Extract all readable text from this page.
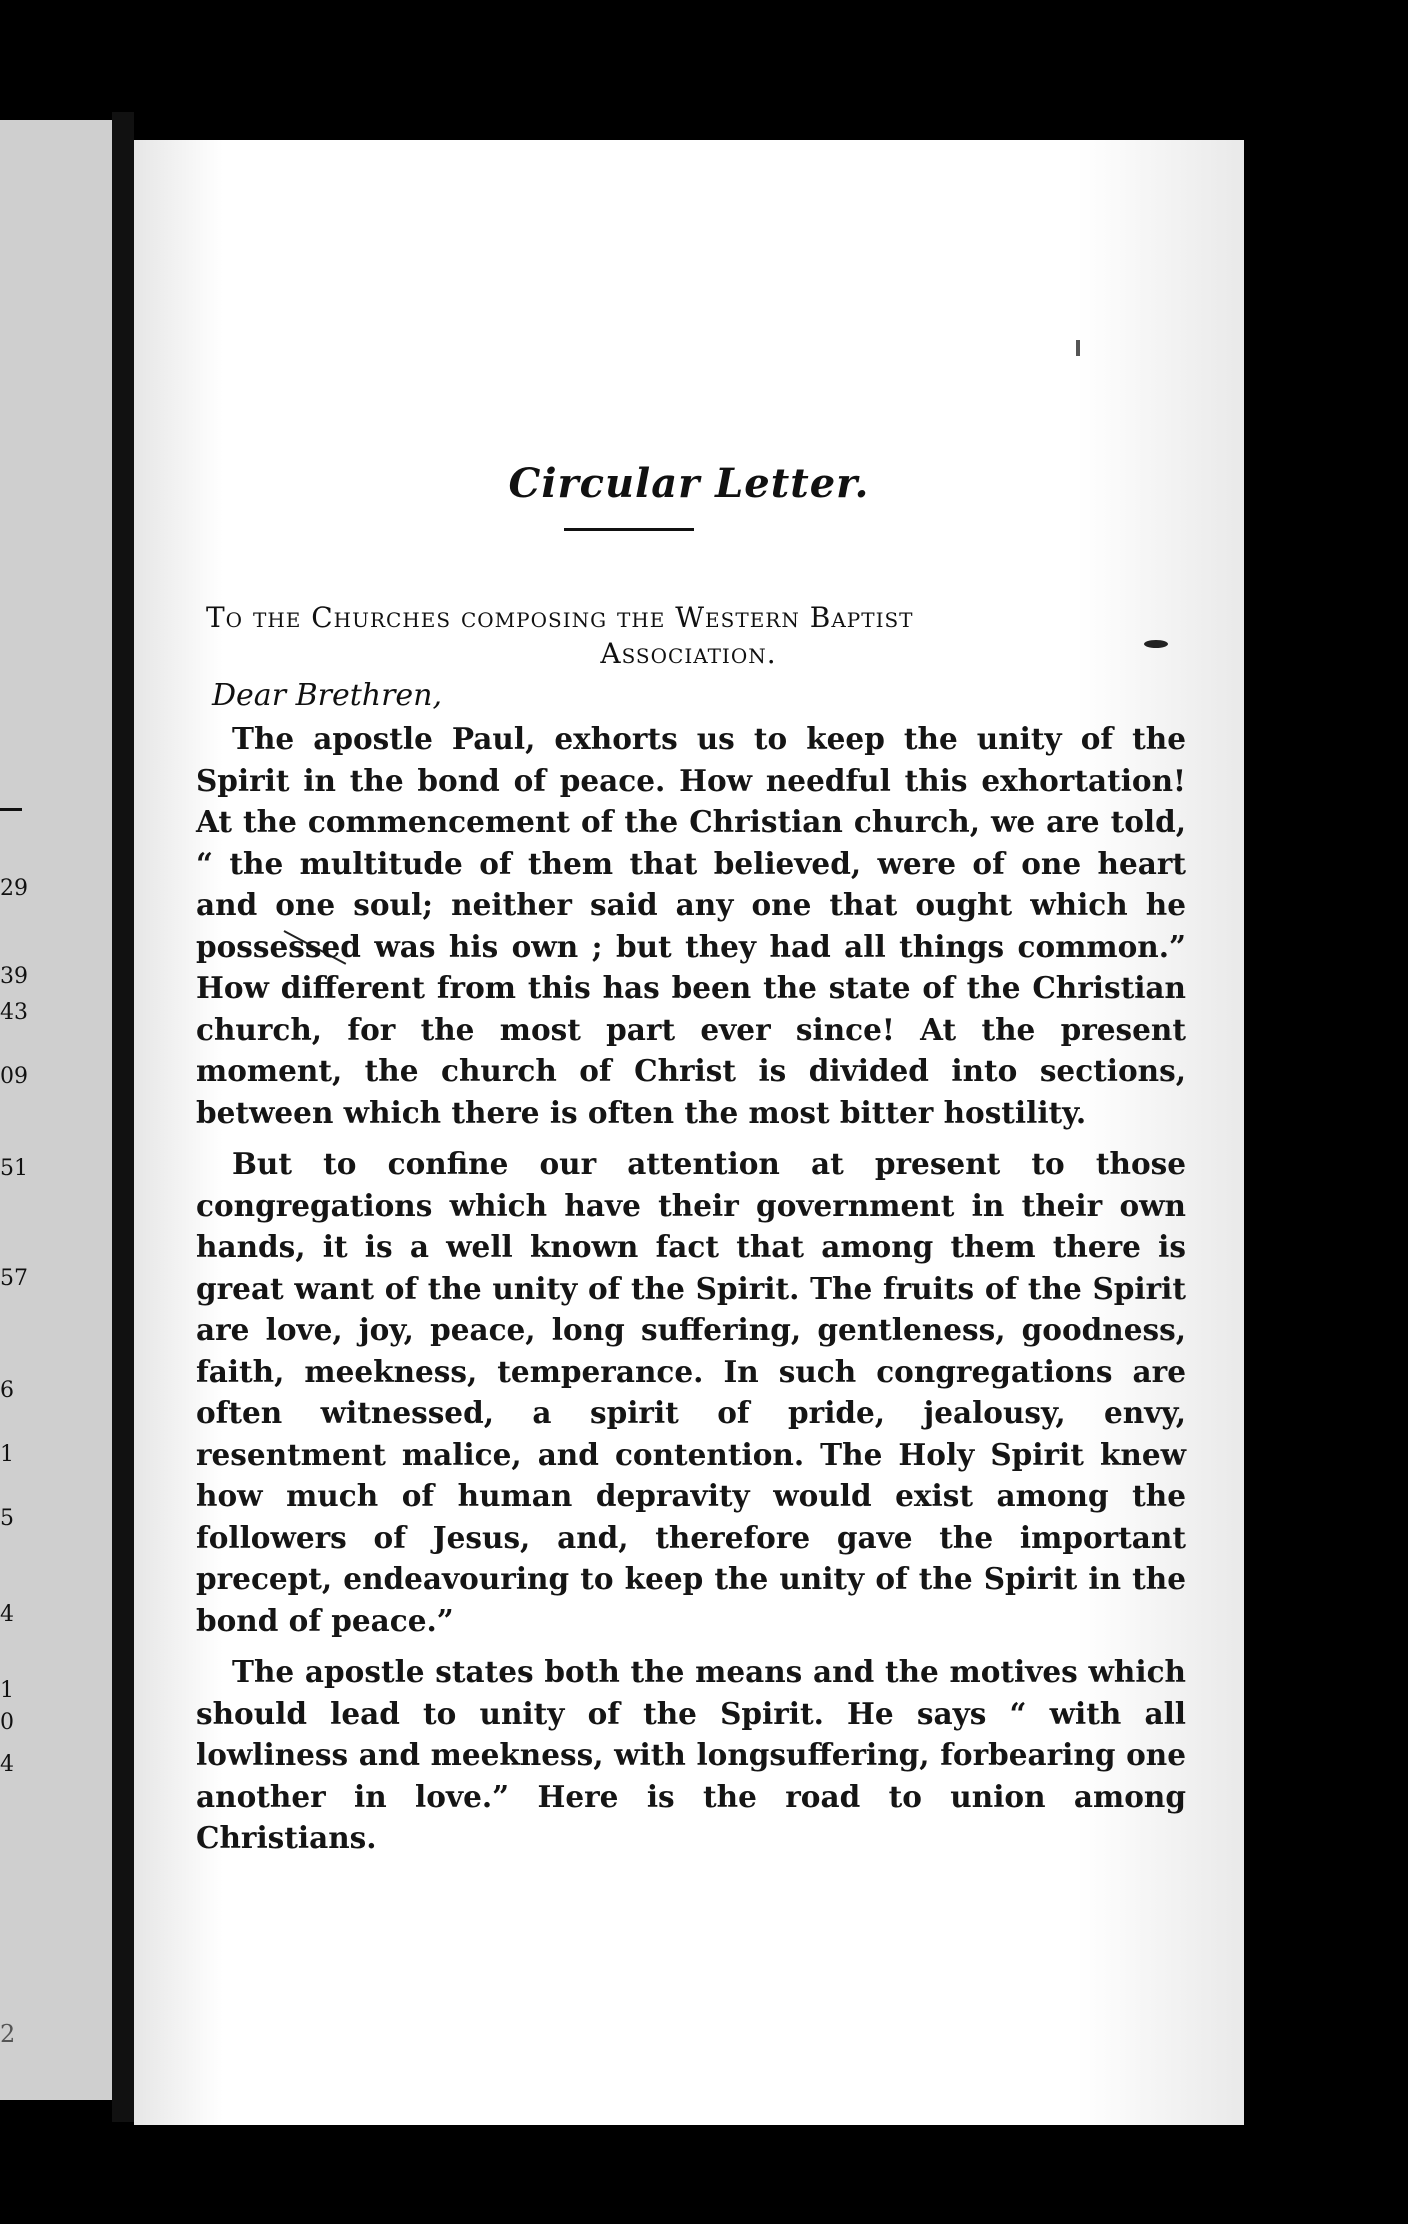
29
39
43
09
51
57
6
1
5
4
1
0
4
2
Circular Letter.
To the Churches composing the Western Baptist
Association.
Dear Brethren,

The apostle Paul, exhorts us to keep the unity of the Spirit in the bond of peace. How needful this exhortation! At the commencement of the Christian church, we are told, “ the multitude of them that believed, were of one heart and one soul; neither said any one that ought which he possessed was his own ; but they had all things common.” How different from this has been the state of the Christian church, for the most part ever since! At the present moment, the church of Christ is divided into sections, between which there is often the most bitter hostility.

But to confine our attention at present to those congregations which have their government in their own hands, it is a well known fact that among them there is great want of the unity of the Spirit. The fruits of the Spirit are love, joy, peace, long suffering, gentleness, goodness, faith, meekness, temperance. In such congregations are often witnessed, a spirit of pride, jealousy, envy, resentment malice, and contention. The Holy Spirit knew how much of human depravity would exist among the followers of Jesus, and, therefore gave the important precept, endeavouring to keep the unity of the Spirit in the bond of peace.”

The apostle states both the means and the motives which should lead to unity of the Spirit. He says “ with all lowliness and meekness, with longsuffering, forbearing one another in love.” Here is the road to union among Christians.
